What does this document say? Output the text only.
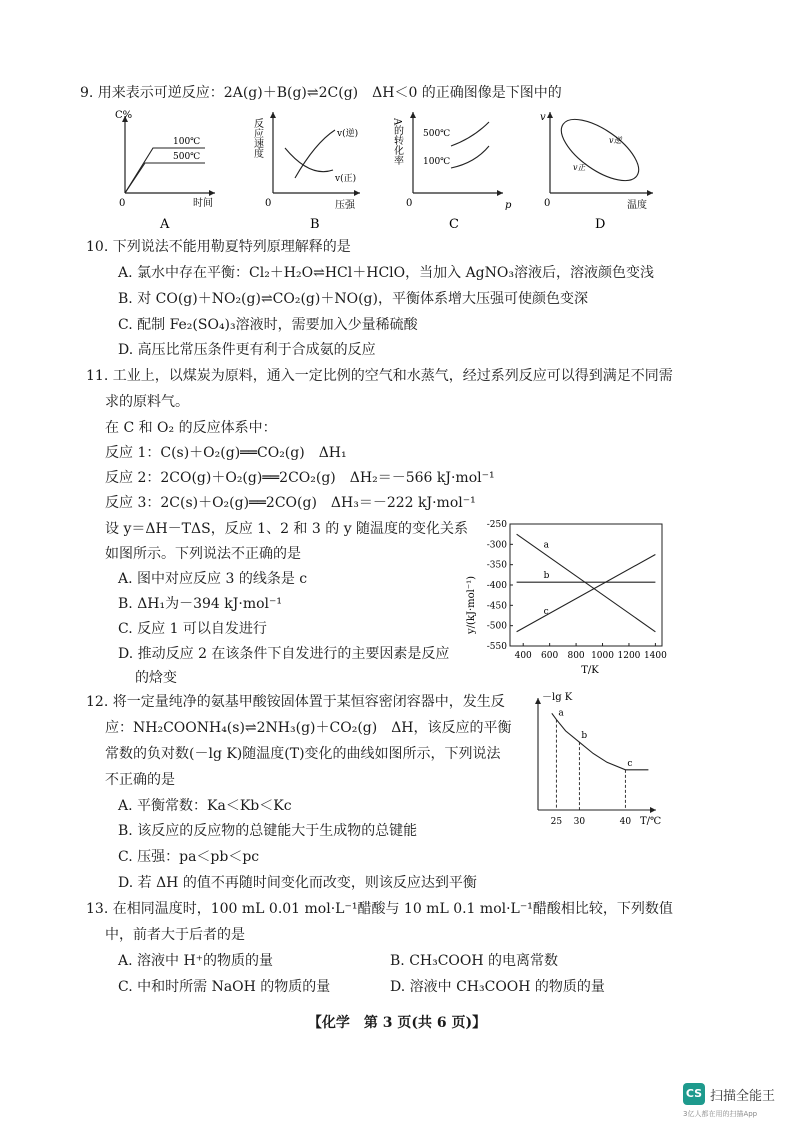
9. 用来表示可逆反应：2A(g)＋B(g)⇌2C(g)　ΔH＜0 的正确图像是下图中的
C%
0	时间
100℃
500℃
A
反应速度
0	压强
v(逆)
v(正)
B
A的转化率
0	p
500℃
100℃
C
v
0	温度
v逆
v正
D
10. 下列说法不能用勒夏特列原理解释的是
A. 氯水中存在平衡：Cl₂＋H₂O⇌HCl＋HClO，当加入 AgNO₃溶液后，溶液颜色变浅
B. 对 CO(g)＋NO₂(g)⇌CO₂(g)＋NO(g)，平衡体系增大压强可使颜色变深
C. 配制 Fe₂(SO₄)₃溶液时，需要加入少量稀硫酸
D. 高压比常压条件更有利于合成氨的反应
11. 工业上，以煤炭为原料，通入一定比例的空气和水蒸气，经过系列反应可以得到满足不同需
求的原料气。
在 C 和 O₂ 的反应体系中：
反应 1：C(s)＋O₂(g)══CO₂(g)　ΔH₁
反应 2：2CO(g)＋O₂(g)══2CO₂(g)　ΔH₂＝－566 kJ·mol⁻¹
反应 3：2C(s)＋O₂(g)══2CO(g)　ΔH₃＝－222 kJ·mol⁻¹
设 y＝ΔH－TΔS，反应 1、2 和 3 的 y 随温度的变化关系
如图所示。下列说法不正确的是
A. 图中对应反应 3 的线条是 c
B. ΔH₁为－394 kJ·mol⁻¹
C. 反应 1 可以自发进行
D. 推动反应 2 在该条件下自发进行的主要因素是反应
的焓变
400 600 800 1000 1200 1400
-250
-300
-350
-400
-450
-500
-550
a
b
c
y/(kJ·mol⁻¹)
T/K
12. 将一定量纯净的氨基甲酸铵固体置于某恒容密闭容器中，发生反
应：NH₂COONH₄(s)⇌2NH₃(g)＋CO₂(g)　ΔH，该反应的平衡
常数的负对数(－lg K)随温度(T)变化的曲线如图所示，下列说法
不正确的是
A. 平衡常数：Ka＜Kb＜Kc
B. 该反应的反应物的总键能大于生成物的总键能
C. 压强：pa＜pb＜pc
D. 若 ΔH 的值不再随时间变化而改变，则该反应达到平衡
－lg K
T/℃
a
b
c
25 30	40
13. 在相同温度时，100 mL 0.01 mol·L⁻¹醋酸与 10 mL 0.1 mol·L⁻¹醋酸相比较，下列数值
中，前者大于后者的是
A. 溶液中 H⁺的物质的量	B. CH₃COOH 的电离常数
C. 中和时所需 NaOH 的物质的量	D. 溶液中 CH₃COOH 的物质的量
【化学　第 3 页(共 6 页)】
CS 扫描全能王
3亿人都在用的扫描App
